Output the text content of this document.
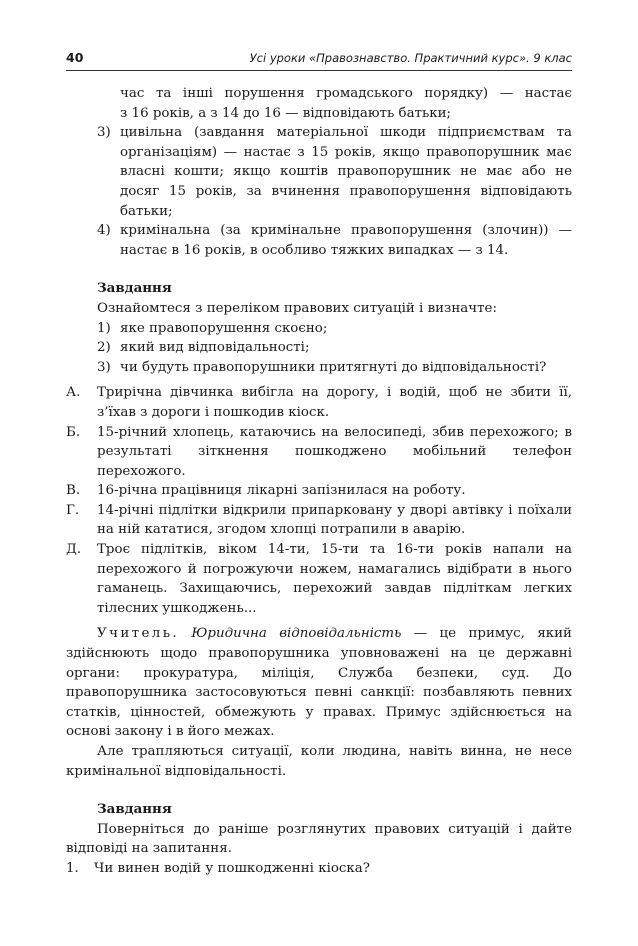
40	Усі уроки «Правознавство. Практичний курс». 9 клас

час та інші порушення громадського порядку) — настає

з 16 років, а з 14 до 16 — відповідають батьки;

3) цивільна (завдання матеріальної шкоди підприємствам та організаціям) — настає з 15 років, якщо правопорушник має власні кошти; якщо коштів правопорушник не має або не досяг 15 років, за вчинення правопорушення відповідають батьки;

4) кримінальна (за кримінальне правопорушення (злочин)) — настає в 16 років, в особливо тяжких випадках — з 14.

Завдання

Ознайомтеся з переліком правових ситуацій і визначте:

1) яке правопорушення скоєно;

2) який вид відповідальності;

3) чи будуть правопорушники притягнуті до відповідальності?

А. Трирічна дівчинка вибігла на дорогу, і водій, щоб не збити її, з’їхав з дороги і пошкодив кіоск.

Б. 15-річний хлопець, катаючись на велосипеді, збив перехожого; в результаті зіткнення пошкоджено мобільний телефон перехожого.

В. 16-річна працівниця лікарні запізнилася на роботу.

Г. 14-річні підлітки відкрили припарковану у дворі автівку і поїхали на ній кататися, згодом хлопці потрапили в аварію.

Д. Троє підлітків, віком 14-ти, 15-ти та 16-ти років напали на перехожого й погрожуючи ножем, намагались відібрати в нього гаманець. Захищаючись, перехожий завдав підліткам легких тілесних ушкоджень...

Учитель. Юридична відповідальність — це примус, який здійснюють щодо правопорушника уповноважені на це державні органи: прокуратура, міліція, Служба безпеки, суд. До правопорушника застосовуються певні санкції: позбавляють певних статків, цінностей, обмежують у правах. Примус здійснюється на основі закону і в його межах.

Але трапляються ситуації, коли людина, навіть винна, не несе кримінальної відповідальності.

Завдання

Поверніться до раніше розглянутих правових ситуацій і дайте відповіді на запитання.

1. Чи винен водій у пошкодженні кіоска?
